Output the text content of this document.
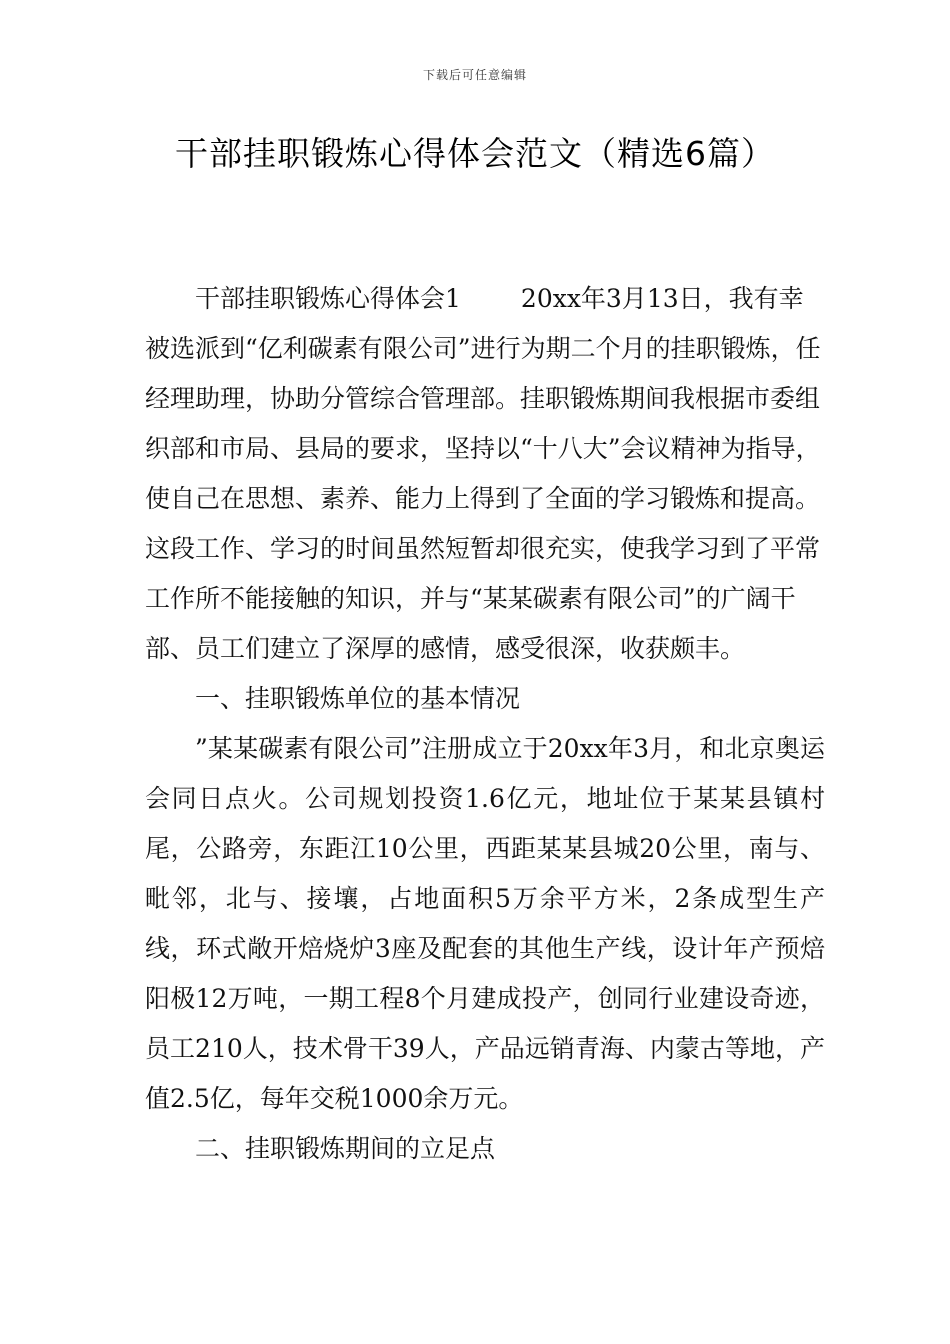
下载后可任意编辑
干部挂职锻炼心得体会范文（精选6篇）

干部挂职锻炼心得体会1 20xx年3月13日，我有幸被选派到“亿利碳素有限公司”进行为期二个月的挂职锻炼，任经理助理，协助分管综合管理部。挂职锻炼期间我根据市委组织部和市局、县局的要求，坚持以“十八大”会议精神为指导，使自己在思想、素养、能力上得到了全面的学习锻炼和提高。这段工作、学习的时间虽然短暂却很充实，使我学习到了平常工作所不能接触的知识，并与“某某碳素有限公司”的广阔干部、员工们建立了深厚的感情，感受很深，收获颇丰。

一、挂职锻炼单位的基本情况

”某某碳素有限公司”注册成立于20xx年3月，和北京奥运会同日点火。公司规划投资1.6亿元，地址位于某某县镇村尾，公路旁，东距江10公里，西距某某县城20公里，南与、毗邻，北与、接壤，占地面积5万余平方米，2条成型生产线，环式敞开焙烧炉3座及配套的其他生产线，设计年产预焙阳极12万吨，一期工程8个月建成投产，创同行业建设奇迹，员工210人，技术骨干39人，产品远销青海、内蒙古等地，产值2.5亿，每年交税1000余万元。

二、挂职锻炼期间的立足点
